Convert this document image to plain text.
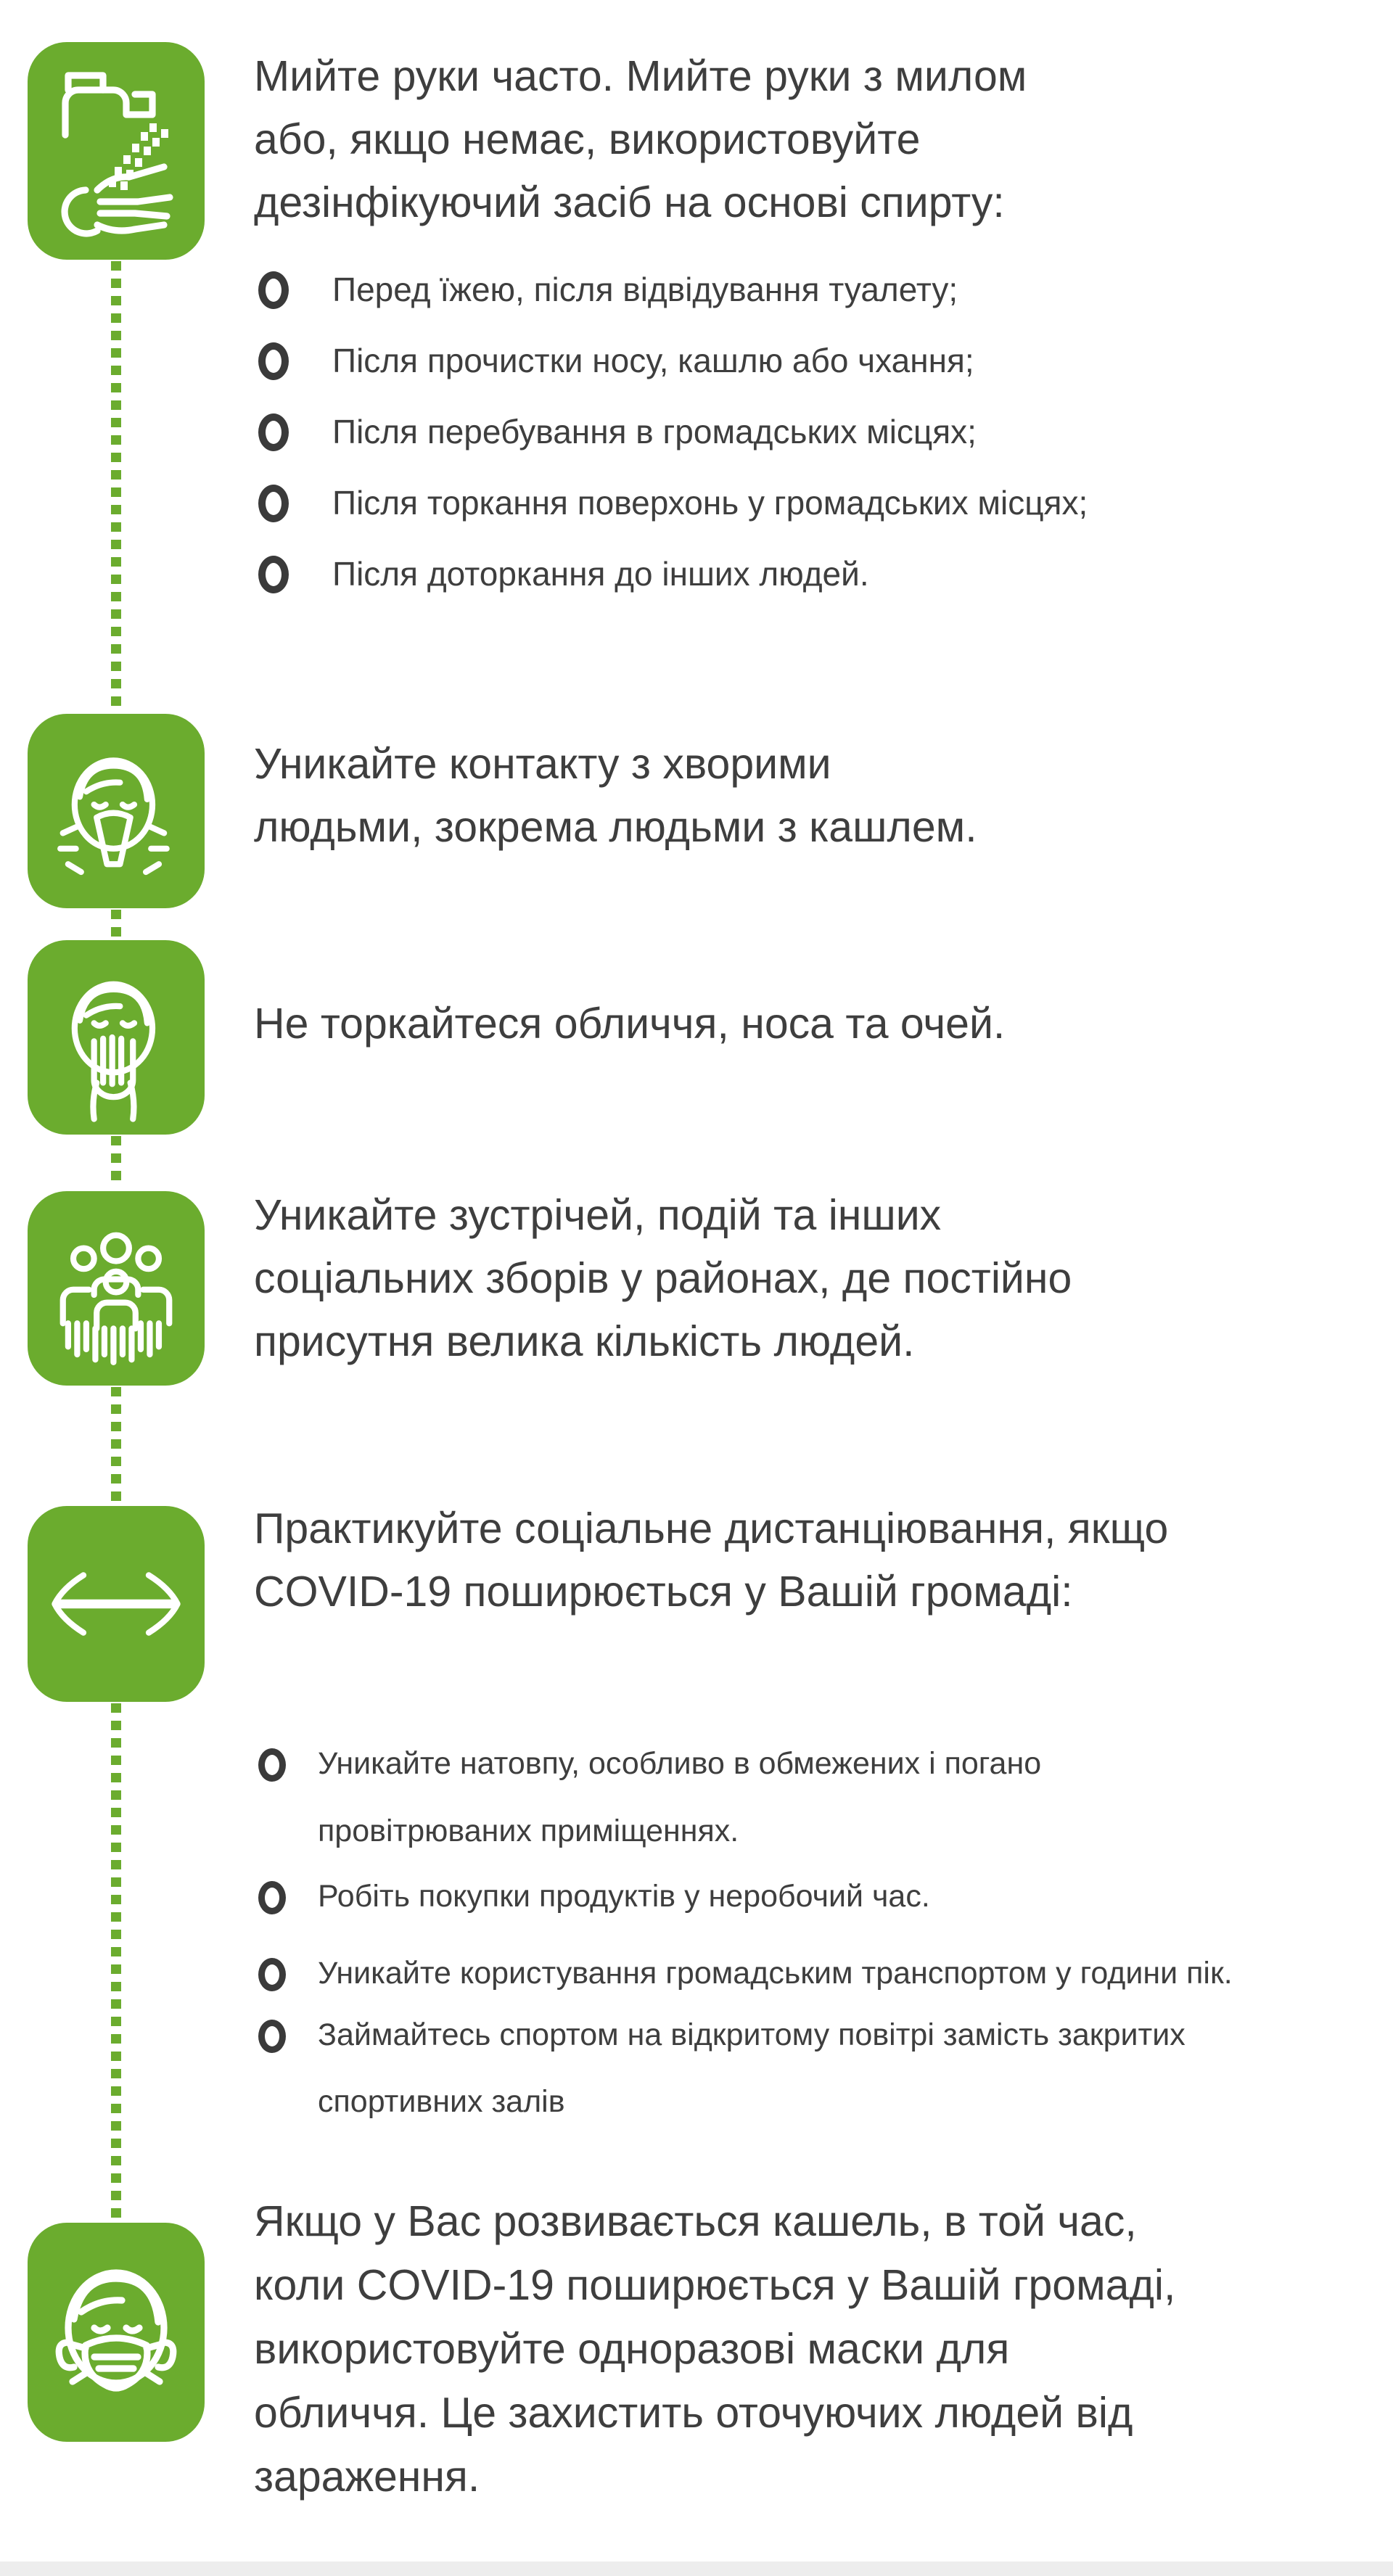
Мийте руки часто. Мийте руки з милом
або, якщо немає, використовуйте
дезінфікуючий засіб на основі спирту:
Перед їжею, після відвідування туалету;
Після прочистки носу, кашлю або чхання;
Після перебування в громадських місцях;
Після торкання поверхонь у громадських місцях;
Після доторкання до інших людей.
Уникайте контакту з хворими
людьми, зокрема людьми з кашлем.
Не торкайтеся обличчя, носа та очей.
Уникайте зустрічей, подій та інших
соціальних зборів у районах, де постійно
присутня велика кількість людей.
Практикуйте соціальне дистанціювання, якщо
COVID-19 поширюється у Вашій громаді:
Уникайте натовпу, особливо в обмежених і погано
провітрюваних приміщеннях.
Робіть покупки продуктів у неробочий час.
Уникайте користування громадським транспортом у години пік.
Займайтесь спортом на відкритому повітрі замість закритих
спортивних залів
Якщо у Вас розвивається кашель, в той час,
коли COVID-19 поширюється у Вашій громаді,
використовуйте одноразові маски для
обличчя. Це захистить оточуючих людей від
зараження.
